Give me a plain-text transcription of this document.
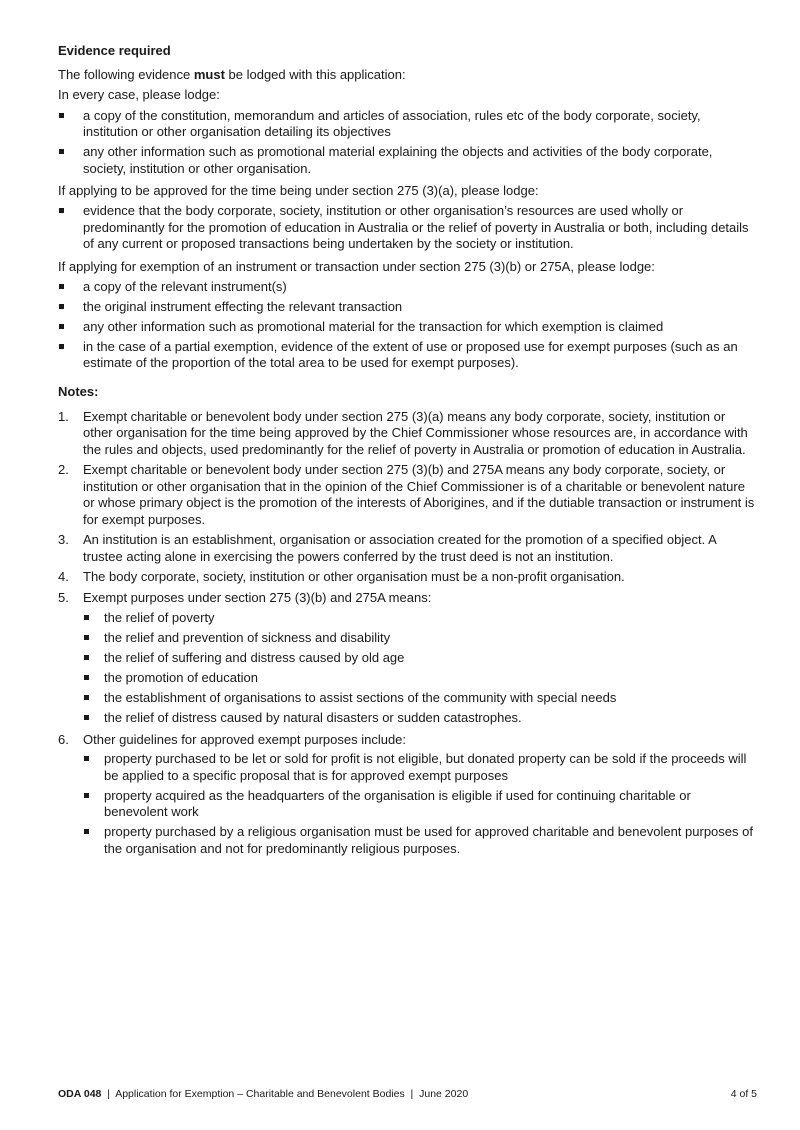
Evidence required

The following evidence must be lodged with this application:

In every case, please lodge:

a copy of the constitution, memorandum and articles of association, rules etc of the body corporate, society, institution or other organisation detailing its objectives
any other information such as promotional material explaining the objects and activities of the body corporate, society, institution or other organisation.

If applying to be approved for the time being under section 275 (3)(a), please lodge:

evidence that the body corporate, society, institution or other organisation’s resources are used wholly or predominantly for the promotion of education in Australia or the relief of poverty in Australia or both, including details of any current or proposed transactions being undertaken by the society or institution.

If applying for exemption of an instrument or transaction under section 275 (3)(b) or 275A, please lodge:

a copy of the relevant instrument(s)
the original instrument effecting the relevant transaction
any other information such as promotional material for the transaction for which exemption is claimed
in the case of a partial exemption, evidence of the extent of use or proposed use for exempt purposes (such as an estimate of the proportion of the total area to be used for exempt purposes).
Notes:
1. Exempt charitable or benevolent body under section 275 (3)(a) means any body corporate, society, institution or other organisation for the time being approved by the Chief Commissioner whose resources are, in accordance with the rules and objects, used predominantly for the relief of poverty in Australia or promotion of education in Australia.
2. Exempt charitable or benevolent body under section 275 (3)(b) and 275A means any body corporate, society, or institution or other organisation that in the opinion of the Chief Commissioner is of a charitable or benevolent nature or whose primary object is the promotion of the interests of Aborigines, and if the dutiable transaction or instrument is for exempt purposes.
3. An institution is an establishment, organisation or association created for the promotion of a specified object. A trustee acting alone in exercising the powers conferred by the trust deed is not an institution.
4. The body corporate, society, institution or other organisation must be a non-profit organisation.
5. Exempt purposes under section 275 (3)(b) and 275A means:
the relief of poverty
the relief and prevention of sickness and disability
the relief of suffering and distress caused by old age
the promotion of education
the establishment of organisations to assist sections of the community with special needs
the relief of distress caused by natural disasters or sudden catastrophes.
6. Other guidelines for approved exempt purposes include:
property purchased to be let or sold for profit is not eligible, but donated property can be sold if the proceeds will be applied to a specific proposal that is for approved exempt purposes
property acquired as the headquarters of the organisation is eligible if used for continuing charitable or benevolent work
property purchased by a religious organisation must be used for approved charitable and benevolent purposes of the organisation and not for predominantly religious purposes.
ODA 048  |  Application for Exemption – Charitable and Benevolent Bodies  |  June 2020	4 of 5
